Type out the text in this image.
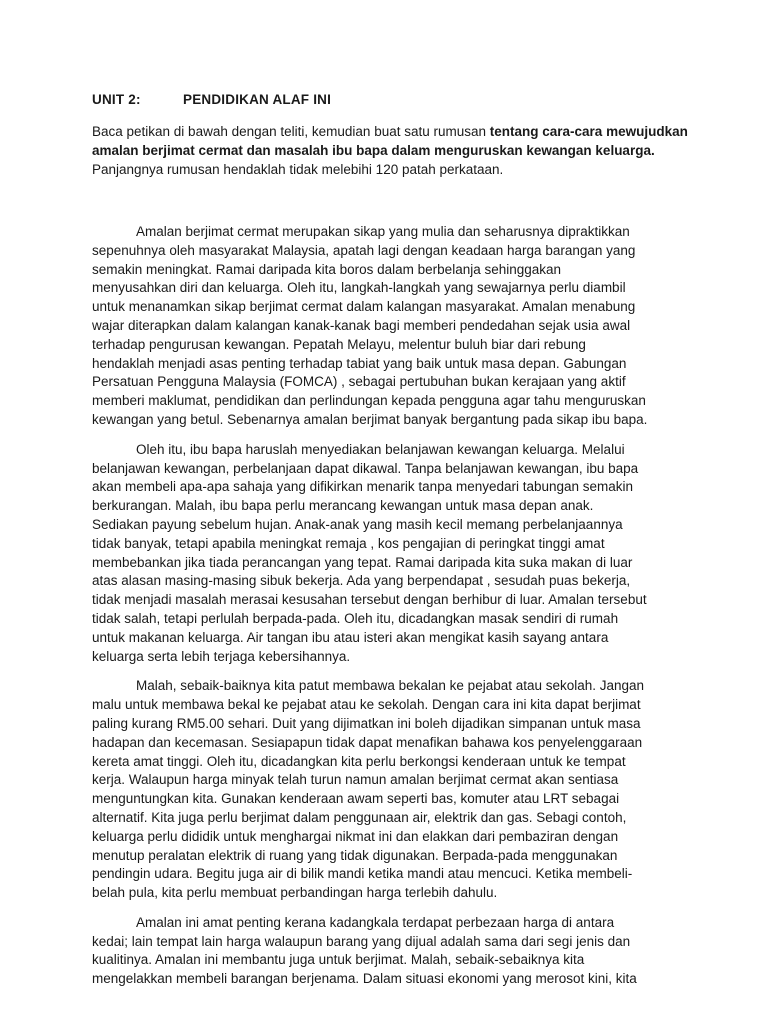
UNIT 2:	PENDIDIKAN ALAF INI
Baca petikan di bawah dengan teliti, kemudian buat satu rumusan tentang cara-cara mewujudkan amalan berjimat cermat dan masalah ibu bapa dalam menguruskan kewangan keluarga. Panjangnya rumusan hendaklah tidak melebihi 120 patah perkataan.

Amalan berjimat cermat merupakan sikap yang mulia dan seharusnya dipraktikkan
sepenuhnya oleh masyarakat Malaysia, apatah lagi dengan keadaan harga barangan yang
semakin meningkat. Ramai daripada kita boros dalam berbelanja sehinggakan
menyusahkan diri dan keluarga. Oleh itu, langkah-langkah yang sewajarnya perlu diambil
untuk menanamkan sikap berjimat cermat dalam kalangan masyarakat. Amalan menabung
wajar diterapkan dalam kalangan kanak-kanak bagi memberi pendedahan sejak usia awal
terhadap pengurusan kewangan. Pepatah Melayu, melentur buluh biar dari rebung
hendaklah menjadi asas penting terhadap tabiat yang baik untuk masa depan. Gabungan
Persatuan Pengguna Malaysia (FOMCA) , sebagai pertubuhan bukan kerajaan yang aktif
memberi maklumat, pendidikan dan perlindungan kepada pengguna agar tahu menguruskan
kewangan yang betul. Sebenarnya amalan berjimat banyak bergantung pada sikap ibu bapa.

Oleh itu, ibu bapa haruslah menyediakan belanjawan kewangan keluarga. Melalui
belanjawan kewangan, perbelanjaan dapat dikawal. Tanpa belanjawan kewangan, ibu bapa
akan membeli apa-apa sahaja yang difikirkan menarik tanpa menyedari tabungan semakin
berkurangan. Malah, ibu bapa perlu merancang kewangan untuk masa depan anak.
Sediakan payung sebelum hujan. Anak-anak yang masih kecil memang perbelanjaannya
tidak banyak, tetapi apabila meningkat remaja , kos pengajian di peringkat tinggi amat
membebankan jika tiada perancangan yang tepat. Ramai daripada kita suka makan di luar
atas alasan masing-masing sibuk bekerja. Ada yang berpendapat , sesudah puas bekerja,
tidak menjadi masalah merasai kesusahan tersebut dengan berhibur di luar. Amalan tersebut
tidak salah, tetapi perlulah berpada-pada. Oleh itu, dicadangkan masak sendiri di rumah
untuk makanan keluarga. Air tangan ibu atau isteri akan mengikat kasih sayang antara
keluarga serta lebih terjaga kebersihannya.

Malah, sebaik-baiknya kita patut membawa bekalan ke pejabat atau sekolah. Jangan
malu untuk membawa bekal ke pejabat atau ke sekolah. Dengan cara ini kita dapat berjimat
paling kurang RM5.00 sehari. Duit yang dijimatkan ini boleh dijadikan simpanan untuk masa
hadapan dan kecemasan. Sesiapapun tidak dapat menafikan bahawa kos penyelenggaraan
kereta amat tinggi. Oleh itu, dicadangkan kita perlu berkongsi kenderaan untuk ke tempat
kerja. Walaupun harga minyak telah turun namun amalan berjimat cermat akan sentiasa
menguntungkan kita. Gunakan kenderaan awam seperti bas, komuter atau LRT sebagai
alternatif. Kita juga perlu berjimat dalam penggunaan air, elektrik dan gas. Sebagi contoh,
keluarga perlu dididik untuk menghargai nikmat ini dan elakkan dari pembaziran dengan
menutup peralatan elektrik di ruang yang tidak digunakan. Berpada-pada menggunakan
pendingin udara. Begitu juga air di bilik mandi ketika mandi atau mencuci. Ketika membeli-
belah pula, kita perlu membuat perbandingan harga terlebih dahulu.

Amalan ini amat penting kerana kadangkala terdapat perbezaan harga di antara
kedai; lain tempat lain harga walaupun barang yang dijual adalah sama dari segi jenis dan
kualitinya. Amalan ini membantu juga untuk berjimat. Malah, sebaik-sebaiknya kita
mengelakkan membeli barangan berjenama. Dalam situasi ekonomi yang merosot kini, kita
